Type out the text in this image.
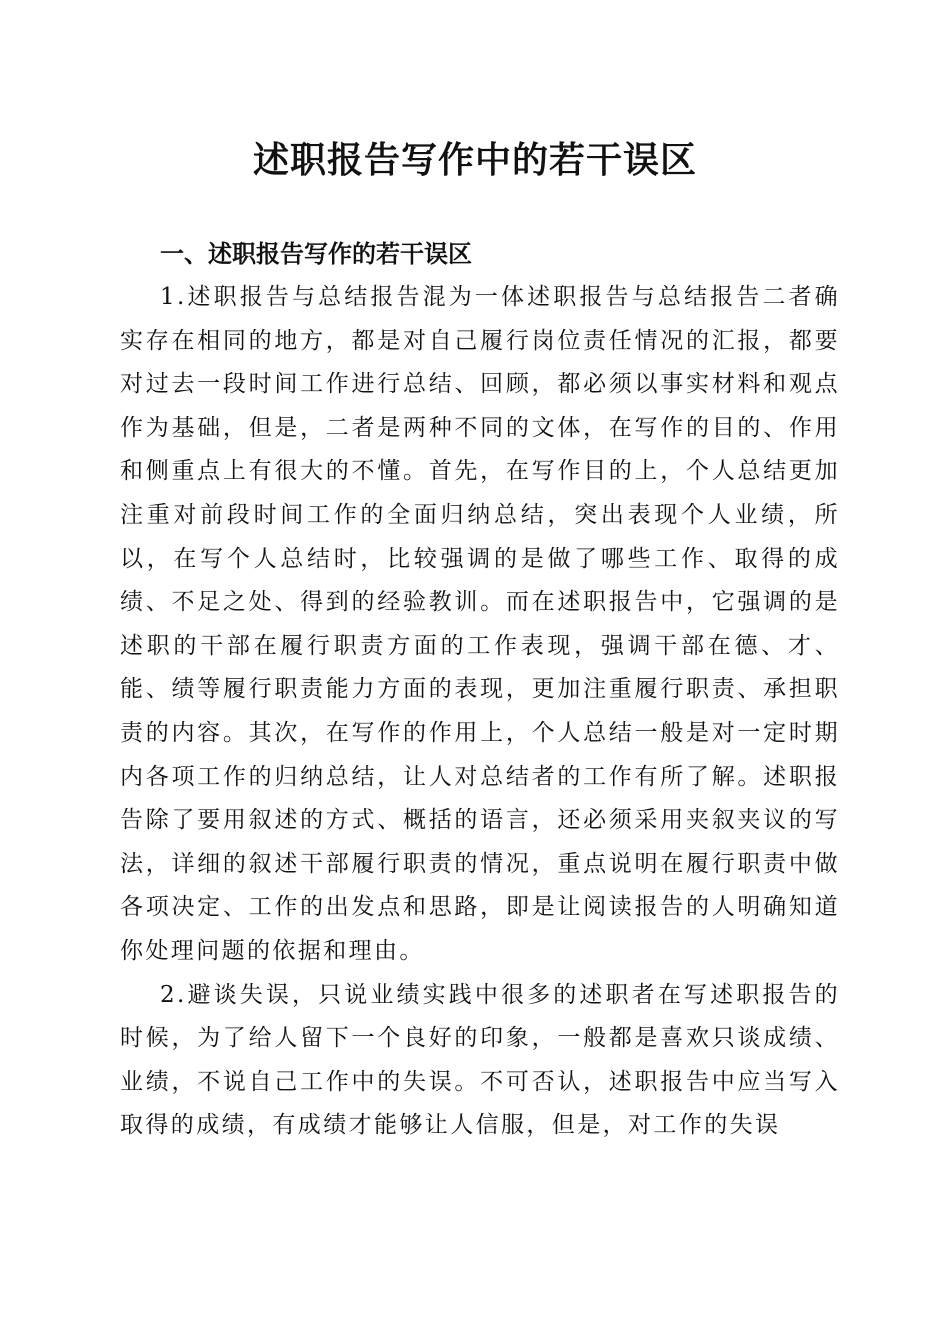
述职报告写作中的若干误区
一、述职报告写作的若干误区

1.述职报告与总结报告混为一体述职报告与总结报告二者确实存在相同的地方，都是对自己履行岗位责任情况的汇报，都要对过去一段时间工作进行总结、回顾，都必须以事实材料和观点作为基础，但是，二者是两种不同的文体，在写作的目的、作用和侧重点上有很大的不懂。首先，在写作目的上，个人总结更加注重对前段时间工作的全面归纳总结，突出表现个人业绩，所以，在写个人总结时，比较强调的是做了哪些工作、取得的成绩、不足之处、得到的经验教训。而在述职报告中，它强调的是述职的干部在履行职责方面的工作表现，强调干部在德、才、能、绩等履行职责能力方面的表现，更加注重履行职责、承担职责的内容。其次，在写作的作用上，个人总结一般是对一定时期内各项工作的归纳总结，让人对总结者的工作有所了解。述职报告除了要用叙述的方式、概括的语言，还必须采用夹叙夹议的写法，详细的叙述干部履行职责的情况，重点说明在履行职责中做各项决定、工作的出发点和思路，即是让阅读报告的人明确知道你处理问题的依据和理由。

2.避谈失误，只说业绩实践中很多的述职者在写述职报告的时候，为了给人留下一个良好的印象，一般都是喜欢只谈成绩、业绩，不说自己工作中的失误。不可否认，述职报告中应当写入取得的成绩，有成绩才能够让人信服，但是，对工作的失误
